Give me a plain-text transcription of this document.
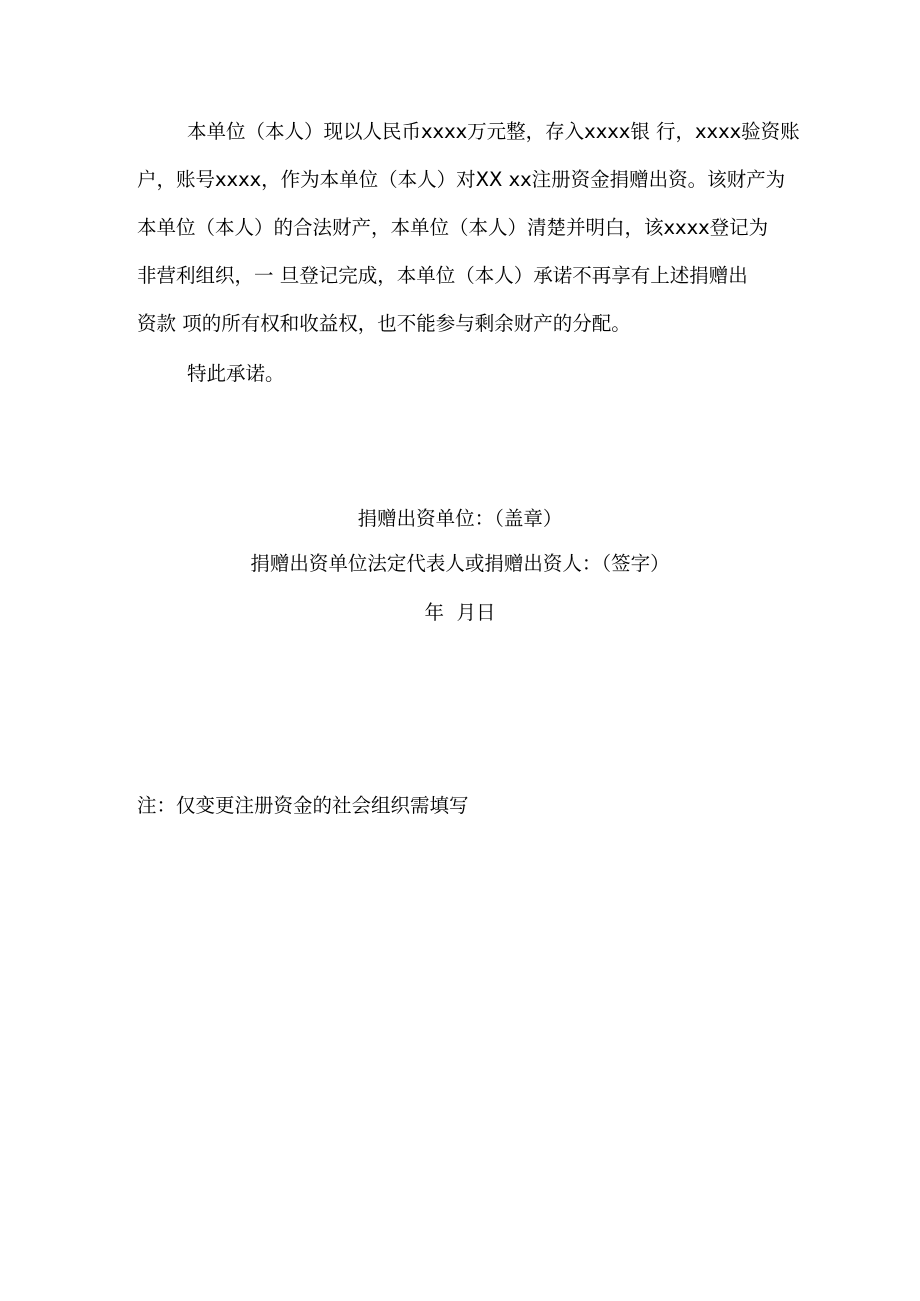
本单位（本人）现以人民币xxxx万元整，存入xxxx银 行，xxxx验资账
户，账号xxxx，作为本单位（本人）对XX xx注册资金捐赠出资。该财产为
本单位（本人）的合法财产，本单位（本人）清楚并明白，该xxxx登记为
非营利组织，一 旦登记完成，本单位（本人）承诺不再享有上述捐赠出
资款 项的所有权和收益权，也不能参与剩余财产的分配。
特此承诺。
捐赠出资单位：（盖章）
捐赠出资单位法定代表人或捐赠出资人：（签字）
年  月日
注：仅变更注册资金的社会组织需填写
